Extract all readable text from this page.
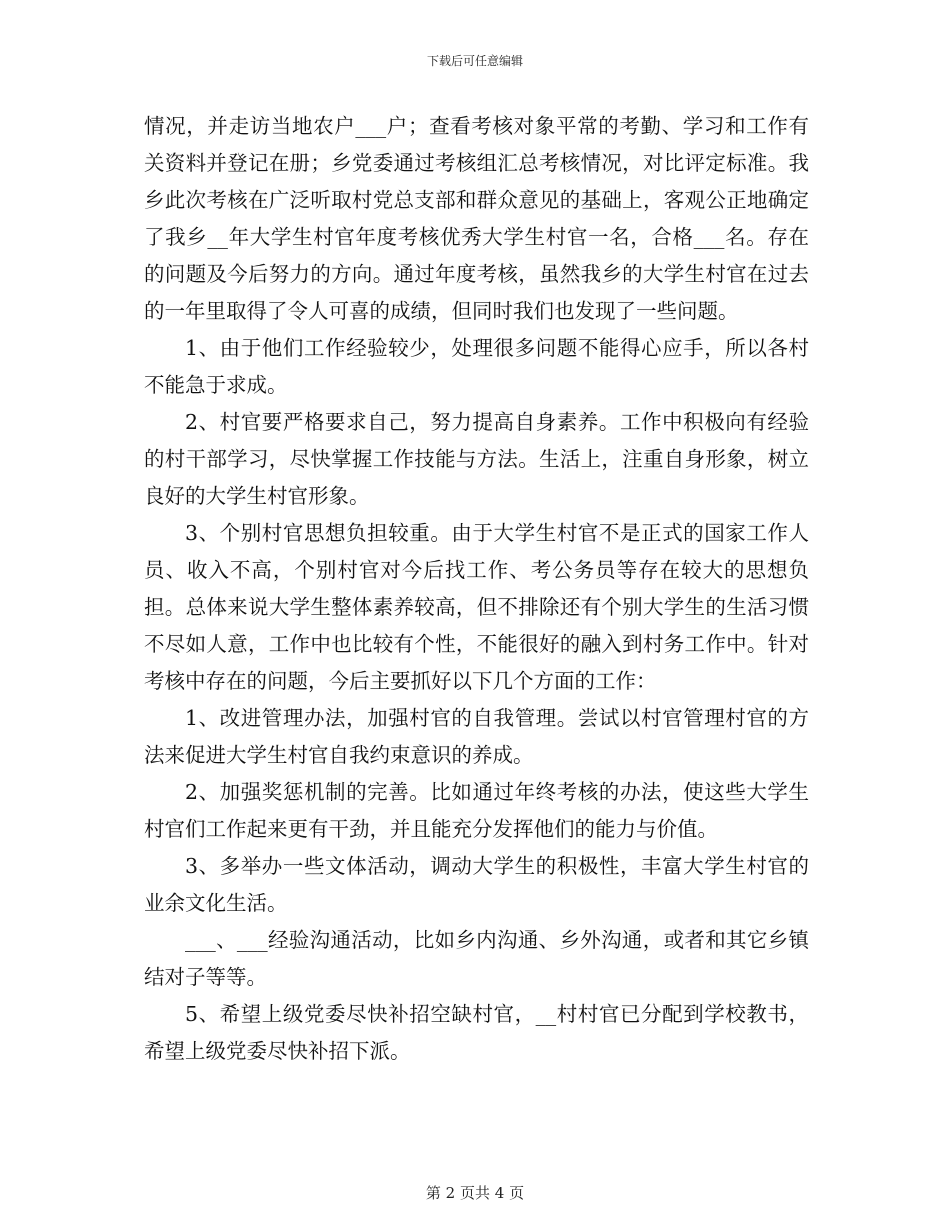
下载后可任意编辑

情况，并走访当地农户___户；查看考核对象平常的考勤、学习和工作有关资料并登记在册；乡党委通过考核组汇总考核情况，对比评定标准。我乡此次考核在广泛听取村党总支部和群众意见的基础上，客观公正地确定了我乡__年大学生村官年度考核优秀大学生村官一名，合格___名。存在的问题及今后努力的方向。通过年度考核，虽然我乡的大学生村官在过去的一年里取得了令人可喜的成绩，但同时我们也发现了一些问题。

1、由于他们工作经验较少，处理很多问题不能得心应手，所以各村不能急于求成。

2、村官要严格要求自己，努力提高自身素养。工作中积极向有经验的村干部学习，尽快掌握工作技能与方法。生活上，注重自身形象，树立良好的大学生村官形象。

3、个别村官思想负担较重。由于大学生村官不是正式的国家工作人员、收入不高，个别村官对今后找工作、考公务员等存在较大的思想负担。总体来说大学生整体素养较高，但不排除还有个别大学生的生活习惯不尽如人意，工作中也比较有个性，不能很好的融入到村务工作中。针对考核中存在的问题，今后主要抓好以下几个方面的工作：

1、改进管理办法，加强村官的自我管理。尝试以村官管理村官的方法来促进大学生村官自我约束意识的养成。

2、加强奖惩机制的完善。比如通过年终考核的办法，使这些大学生村官们工作起来更有干劲，并且能充分发挥他们的能力与价值。

3、多举办一些文体活动，调动大学生的积极性，丰富大学生村官的业余文化生活。

___、___经验沟通活动，比如乡内沟通、乡外沟通，或者和其它乡镇结对子等等。

5、希望上级党委尽快补招空缺村官，__村村官已分配到学校教书，希望上级党委尽快补招下派。

第 2 页共 4 页
